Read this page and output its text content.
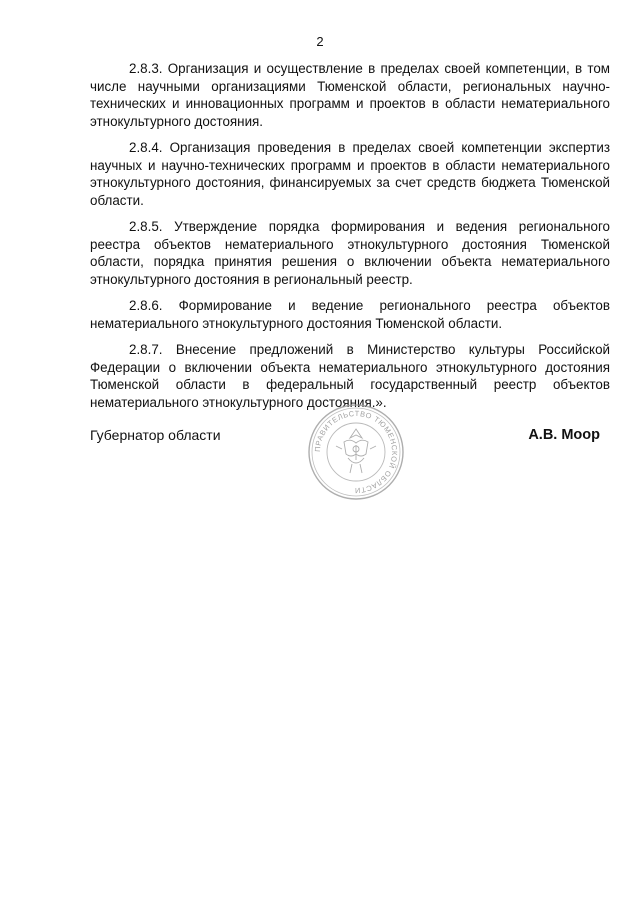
2

2.8.3. Организация и осуществление в пределах своей компетенции, в том числе научными организациями Тюменской области, региональных научно-технических и инновационных программ и проектов в области нематериального этнокультурного достояния.

2.8.4. Организация проведения в пределах своей компетенции экспертиз научных и научно-технических программ и проектов в области нематериального этнокультурного достояния, финансируемых за счет средств бюджета Тюменской области.

2.8.5. Утверждение порядка формирования и ведения регионального реестра объектов нематериального этнокультурного достояния Тюменской области, порядка принятия решения о включении объекта нематериального этнокультурного достояния в региональный реестр.

2.8.6. Формирование и ведение регионального реестра объектов нематериального этнокультурного достояния Тюменской области.

2.8.7. Внесение предложений в Министерство культуры Российской Федерации о включении объекта нематериального этнокультурного достояния Тюменской области в федеральный государственный реестр объектов нематериального этнокультурного достояния.».

Губернатор области
ПРАВИТЕЛЬСТВО ТЮМЕНСКОЙ ОБЛАСТИ
А.В. Моор
